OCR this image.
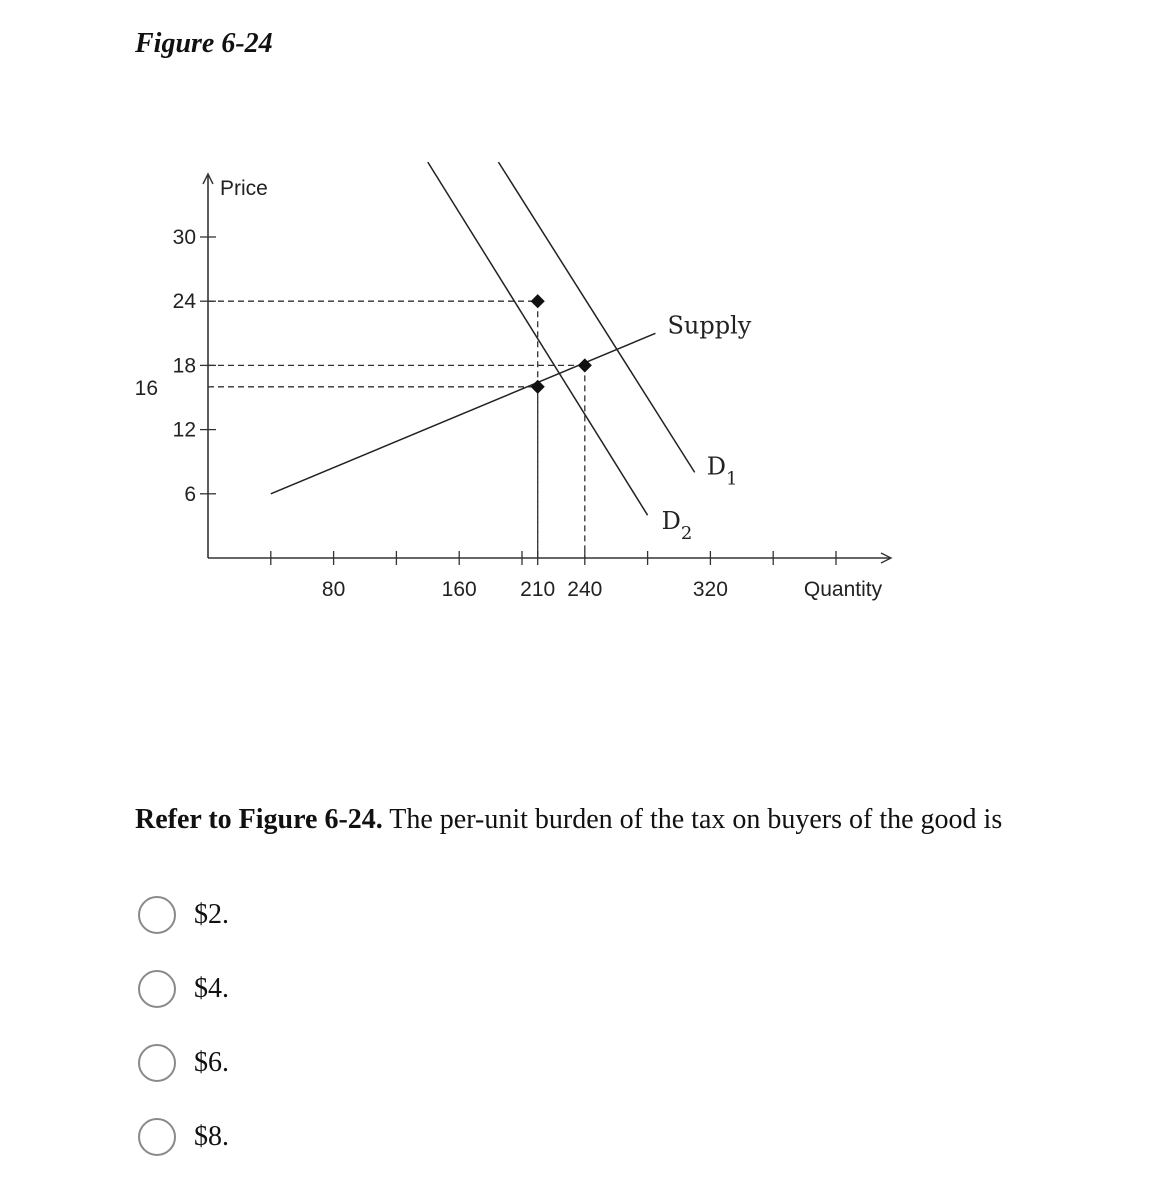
Figure 6-24
Price
Quantity
30
24
18
12
6
16
80	160 210 240	320
Supply
$D_1$
$D_2$
Refer to Figure 6-24. The per-unit burden of the tax on buyers of the good is
$2.
$4.
$6.
$8.
